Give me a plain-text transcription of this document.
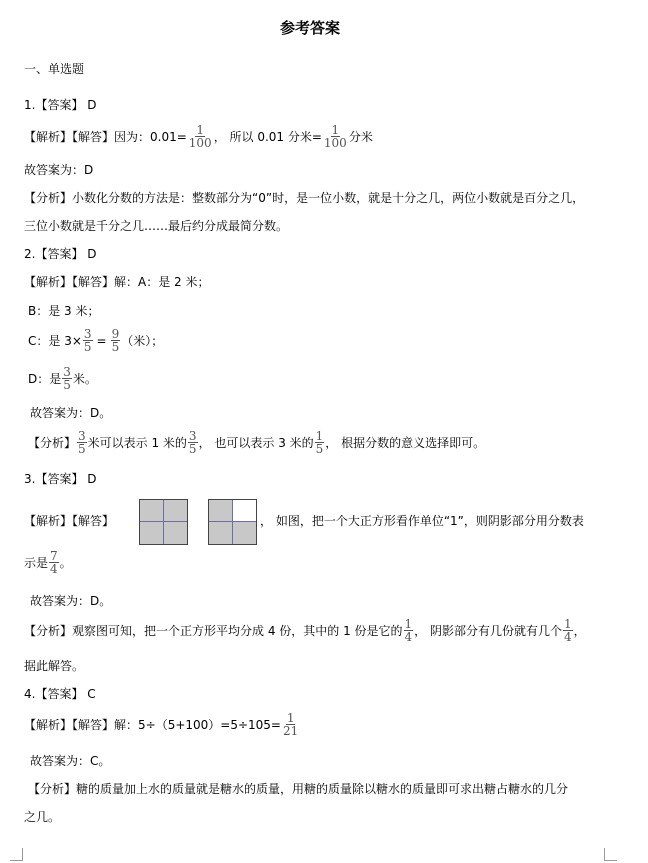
参考答案
一、单选题
1.【答案】 D
【解析】【解答】因为：$0.01= \frac{1}{100}$ ， 所以 0.01 分米= $\frac{1}{100}$ 分米
故答案为：D
【分析】小数化分数的方法是：整数部分为“0”时，是一位小数，就是十分之几，两位小数就是百分之几，
三位小数就是千分之几……最后约分成最简分数。
2.【答案】 D
【解析】【解答】解：A：是 2 米；
B：是 3 米；
C：是 $3\times \frac{3}{5} = \frac{9}{5}$ （米）；
D：是 $\frac{3}{5}$ 米。
故答案为：D。
【分析】 $\frac{3}{5}$ 米可以表示 1 米的 $\frac{3}{5}$ ， 也可以表示 3 米的 $\frac{1}{5}$ ， 根据分数的意义选择即可。
3.【答案】 D
【解析】【解答】	， 如图，把一个大正方形看作单位“1”，则阴影部分用分数表
示是 $\frac{7}{4}$ 。
故答案为：D。
【分析】观察图可知，把一个正方形平均分成 4 份，其中的 1 份是它的 $\frac{1}{4}$ ， 阴影部分有几份就有几个 $\frac{1}{4}$ ，
据此解答。
4.【答案】 C
【解析】【解答】解：$5\div(5+100)=5\div 105= \frac{1}{21}$
故答案为：C。
【分析】糖的质量加上水的质量就是糖水的质量，用糖的质量除以糖水的质量即可求出糖占糖水的几分
之几。
